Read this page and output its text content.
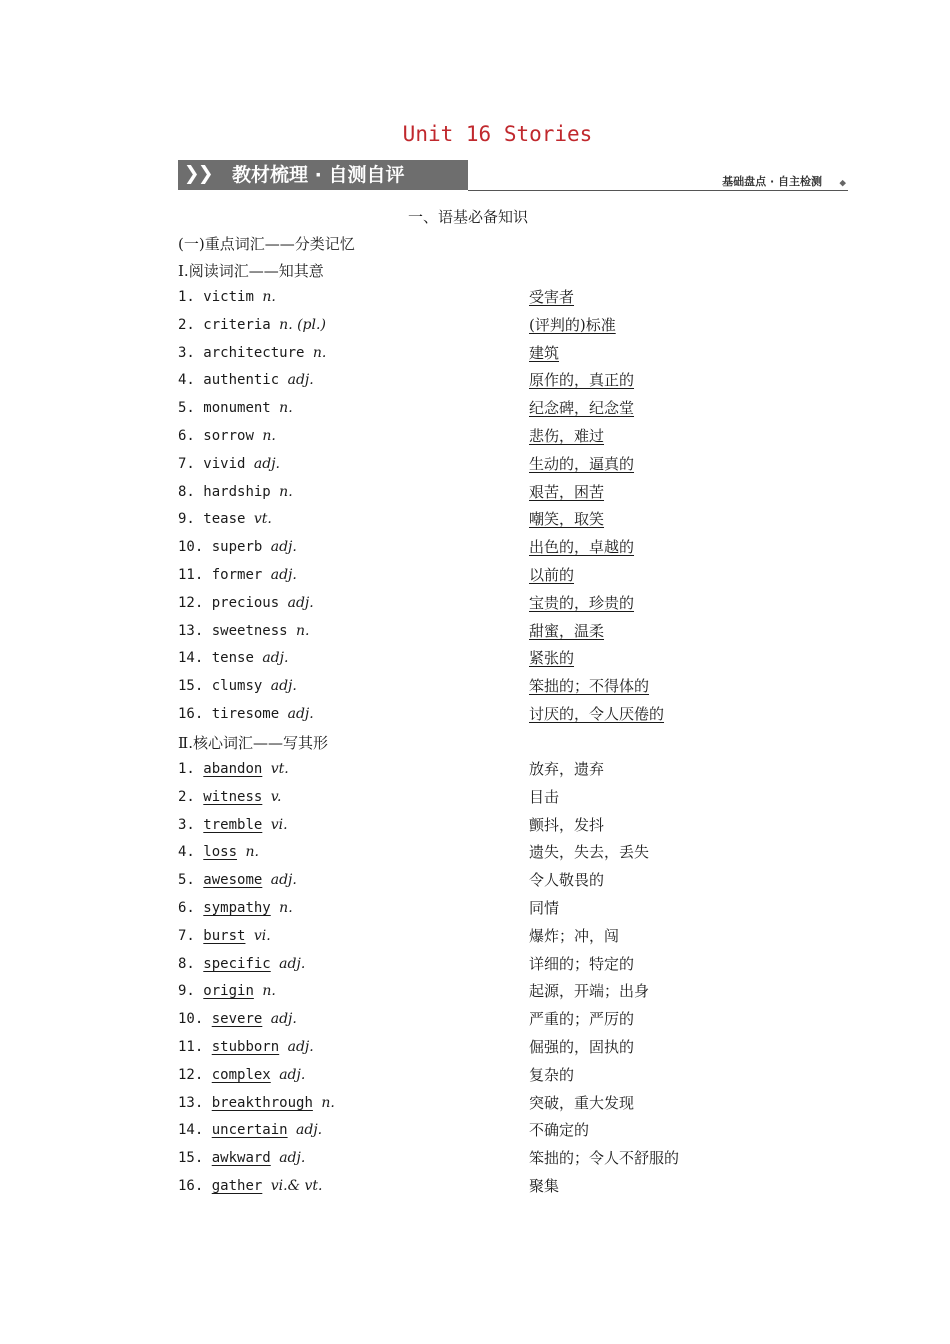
Unit 16 Stories
❯
❯ 教材梳理 · 自测自评	基础盘点 · 自主检测 ◆
一、语基必备知识
(一)重点词汇——分类记忆
Ⅰ.阅读词汇——知其意
1. victim n.	受害者
2. criteria n. (pl.)	(评判的)标准
3. architecture n.	建筑
4. authentic adj.	原作的，真正的
5. monument n.	纪念碑，纪念堂
6. sorrow n.	悲伤，难过
7. vivid adj.	生动的，逼真的
8. hardship n.	艰苦，困苦
9. tease vt.	嘲笑，取笑
10. superb adj.	出色的，卓越的
11. former adj.	以前的
12. precious adj.	宝贵的，珍贵的
13. sweetness n.	甜蜜，温柔
14. tense adj.	紧张的
15. clumsy adj.	笨拙的；不得体的
16. tiresome adj.	讨厌的，令人厌倦的
Ⅱ.核心词汇——写其形
1. abandon vt.	放弃，遗弃
2. witness v.	目击
3. tremble vi.	颤抖，发抖
4. loss n.	遗失，失去，丢失
5. awesome adj.	令人敬畏的
6. sympathy n.	同情
7. burst vi.	爆炸；冲，闯
8. specific adj.	详细的；特定的
9. origin n.	起源，开端；出身
10. severe adj.	严重的；严厉的
11. stubborn adj.	倔强的，固执的
12. complex adj.	复杂的
13. breakthrough n.	突破，重大发现
14. uncertain adj.	不确定的
15. awkward adj.	笨拙的；令人不舒服的
16. gather vi.& vt.	聚集
